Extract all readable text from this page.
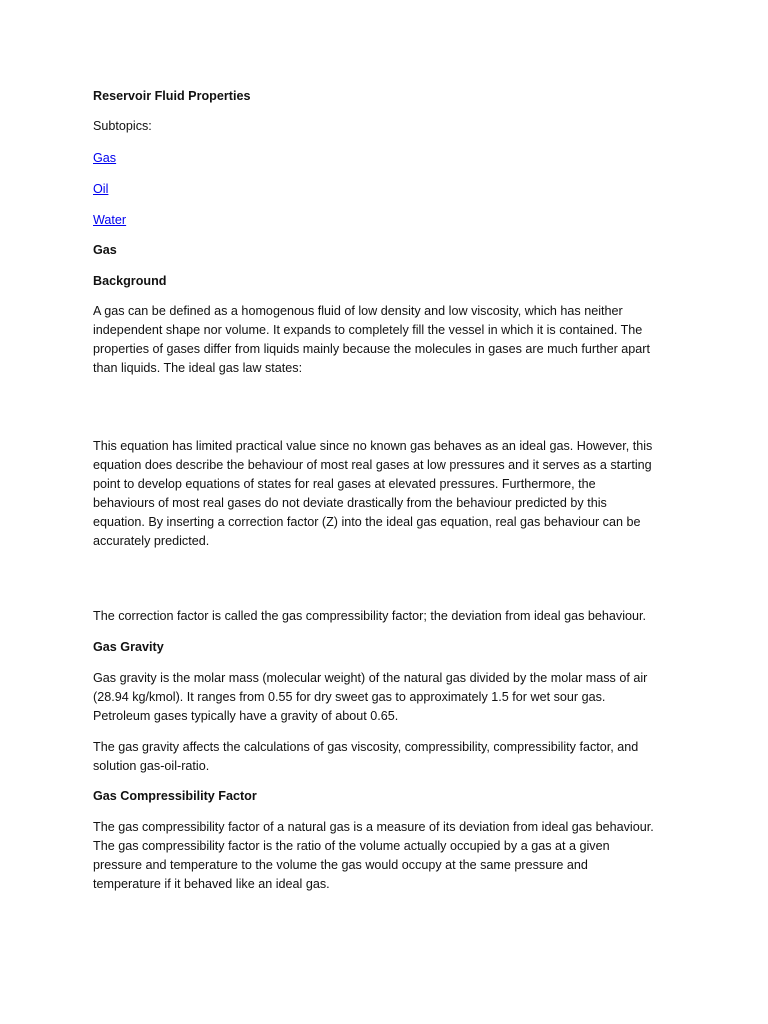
Reservoir Fluid Properties

Subtopics:

Gas

Oil

Water

Gas

Background

A gas can be defined as a homogenous fluid of low density and low viscosity, which has neither
independent shape nor volume. It expands to completely fill the vessel in which it is contained. The
properties of gases differ from liquids mainly because the molecules in gases are much further apart
than liquids. The ideal gas law states:

This equation has limited practical value since no known gas behaves as an ideal gas. However, this
equation does describe the behaviour of most real gases at low pressures and it serves as a starting
point to develop equations of states for real gases at elevated pressures. Furthermore, the
behaviours of most real gases do not deviate drastically from the behaviour predicted by this
equation. By inserting a correction factor (Z) into the ideal gas equation, real gas behaviour can be
accurately predicted.

The correction factor is called the gas compressibility factor; the deviation from ideal gas behaviour.

Gas Gravity

Gas gravity is the molar mass (molecular weight) of the natural gas divided by the molar mass of air
(28.94 kg/kmol). It ranges from 0.55 for dry sweet gas to approximately 1.5 for wet sour gas.
Petroleum gases typically have a gravity of about 0.65.

The gas gravity affects the calculations of gas viscosity, compressibility, compressibility factor, and
solution gas-oil-ratio.

Gas Compressibility Factor

The gas compressibility factor of a natural gas is a measure of its deviation from ideal gas behaviour.
The gas compressibility factor is the ratio of the volume actually occupied by a gas at a given
pressure and temperature to the volume the gas would occupy at the same pressure and
temperature if it behaved like an ideal gas.
